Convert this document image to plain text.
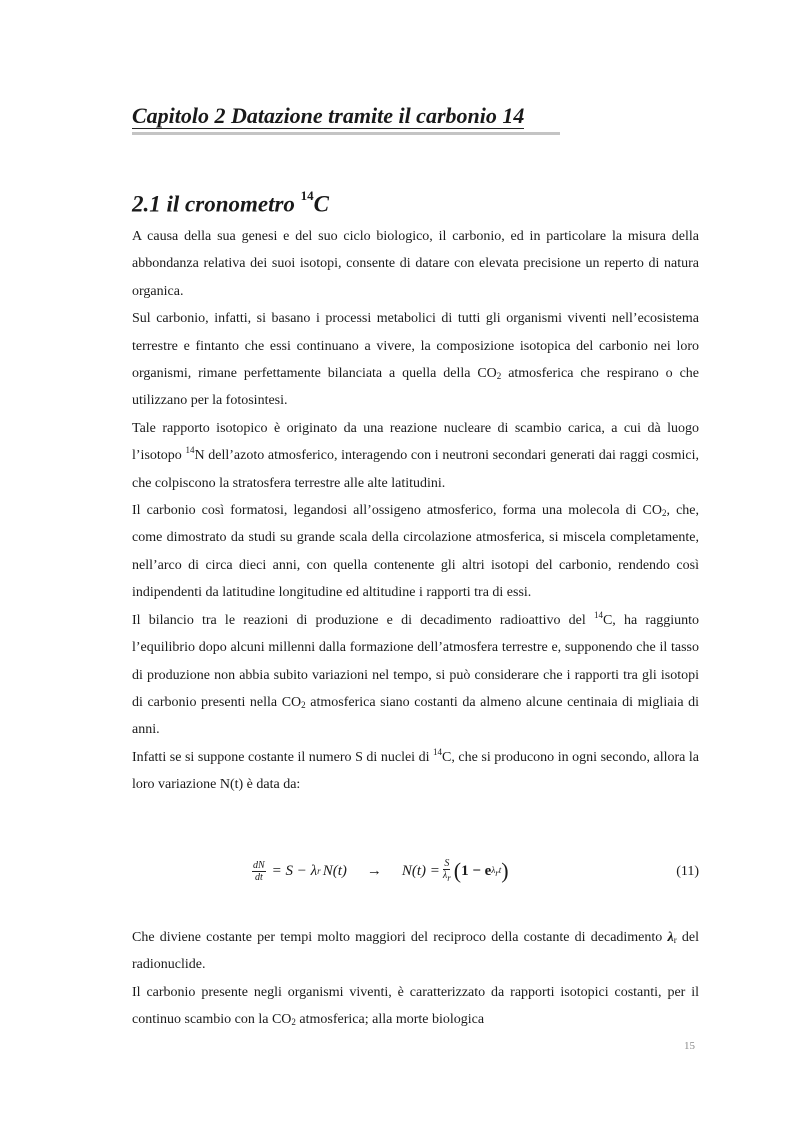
Capitolo 2 Datazione tramite il carbonio 14
2.1 il cronometro $^{14}$C

A causa della sua genesi e del suo ciclo biologico, il carbonio, ed in particolare la misura della abbondanza relativa dei suoi isotopi, consente di datare con elevata precisione un reperto di natura organica.

Sul carbonio, infatti, si basano i processi metabolici di tutti gli organismi viventi nell’ecosistema terrestre e fintanto che essi continuano a vivere, la composizione isotopica del carbonio nei loro organismi, rimane perfettamente bilanciata a quella della $CO_2$ atmosferica che respirano o che utilizzano per la fotosintesi.

Tale rapporto isotopico è originato da una reazione nucleare di scambio carica, a cui dà luogo l’isotopo $^{14}$N dell’azoto atmosferico, interagendo con i neutroni secondari generati dai raggi cosmici, che colpiscono la stratosfera terrestre alle alte latitudini.

Il carbonio così formatosi, legandosi all’ossigeno atmosferico, forma una molecola di $CO_2$, che, come dimostrato da studi su grande scala della circolazione atmosferica, si miscela completamente, nell’arco di circa dieci anni, con quella contenente gli altri isotopi del carbonio, rendendo così indipendenti da latitudine longitudine ed altitudine i rapporti tra di essi.

Il bilancio tra le reazioni di produzione e di decadimento radioattivo del $^{14}$C, ha raggiunto l’equilibrio dopo alcuni millenni dalla formazione dell’atmosfera terrestre e, supponendo che il tasso di produzione non abbia subito variazioni nel tempo, si può considerare che i rapporti tra gli isotopi di carbonio presenti nella $CO_2$ atmosferica siano costanti da almeno alcune centinaia di migliaia di anni.

Infatti se si suppone costante il numero S di nuclei di $^{14}$C, che si producono in ogni secondo, allora la loro variazione N(t) è data da:

$\frac{dN}{dt} = S - \lambda$ r $N(t) \to N(t) = \frac{S}{\lambda_r}$ ( 1 − e $\lambda_rt$ )	(11)

Che diviene costante per tempi molto maggiori del reciproco della costante di decadimento $\lambda_r$ del radionuclide.

Il carbonio presente negli organismi viventi, è caratterizzato da rapporti isotopici costanti, per il continuo scambio con la $CO_2$ atmosferica; alla morte biologica

15
